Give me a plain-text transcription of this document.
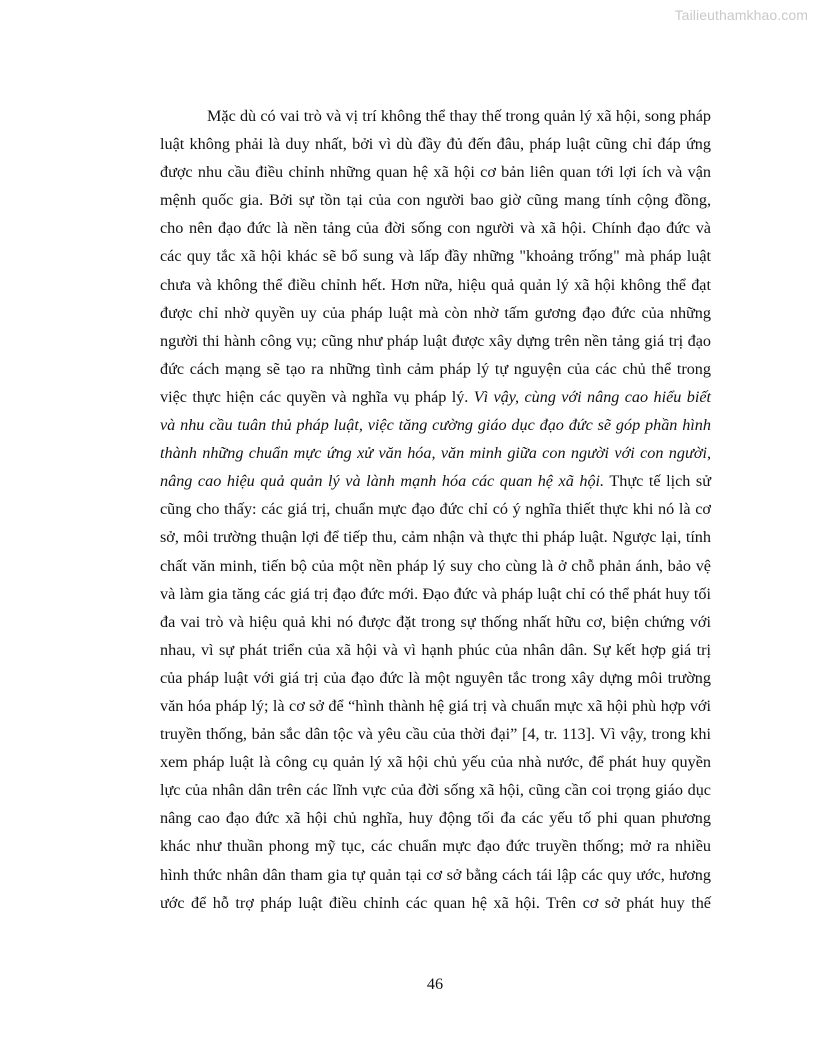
Tailieuthamkhao.com
Mặc dù có vai trò và vị trí không thể thay thế trong quản lý xã hội, song pháp
luật không phải là duy nhất, bởi vì dù đầy đủ đến đâu, pháp luật cũng chỉ đáp ứng
được nhu cầu điều chỉnh những quan hệ xã hội cơ bản liên quan tới lợi ích và vận
mệnh quốc gia. Bởi sự tồn tại của con người bao giờ cũng mang tính cộng đồng,
cho nên đạo đức là nền tảng của đời sống con người và xã hội. Chính đạo đức và
các quy tắc xã hội khác sẽ bổ sung và lấp đầy những "khoảng trống" mà pháp luật
chưa và không thể điều chỉnh hết. Hơn nữa, hiệu quả quản lý xã hội không thể đạt
được chỉ nhờ quyền uy của pháp luật mà còn nhờ tấm gương đạo đức của những
người thi hành công vụ; cũng như pháp luật được xây dựng trên nền tảng giá trị đạo
đức cách mạng sẽ tạo ra những tình cảm pháp lý tự nguyện của các chủ thể trong
việc thực hiện các quyền và nghĩa vụ pháp lý. Vì vậy, cùng với nâng cao hiểu biết
và nhu cầu tuân thủ pháp luật, việc tăng cường giáo dục đạo đức sẽ góp phần hình
thành những chuẩn mực ứng xử văn hóa, văn minh giữa con người với con người,
nâng cao hiệu quả quản lý và lành mạnh hóa các quan hệ xã hội. Thực tế lịch sử
cũng cho thấy: các giá trị, chuẩn mực đạo đức chỉ có ý nghĩa thiết thực khi nó là cơ
sở, môi trường thuận lợi để tiếp thu, cảm nhận và thực thi pháp luật. Ngược lại, tính
chất văn minh, tiến bộ của một nền pháp lý suy cho cùng là ở chỗ phản ánh, bảo vệ
và làm gia tăng các giá trị đạo đức mới. Đạo đức và pháp luật chỉ có thể phát huy tối
đa vai trò và hiệu quả khi nó được đặt trong sự thống nhất hữu cơ, biện chứng với
nhau, vì sự phát triển của xã hội và vì hạnh phúc của nhân dân. Sự kết hợp giá trị
của pháp luật với giá trị của đạo đức là một nguyên tắc trong xây dựng môi trường
văn hóa pháp lý; là cơ sở để “hình thành hệ giá trị và chuẩn mực xã hội phù hợp với
truyền thống, bản sắc dân tộc và yêu cầu của thời đại” [4, tr. 113]. Vì vậy, trong khi
xem pháp luật là công cụ quản lý xã hội chủ yếu của nhà nước, để phát huy quyền
lực của nhân dân trên các lĩnh vực của đời sống xã hội, cũng cần coi trọng giáo dục
nâng cao đạo đức xã hội chủ nghĩa, huy động tối đa các yếu tố phi quan phương
khác như thuần phong mỹ tục, các chuẩn mực đạo đức truyền thống; mở ra nhiều
hình thức nhân dân tham gia tự quản tại cơ sở bằng cách tái lập các quy ước, hương
ước để hỗ trợ pháp luật điều chỉnh các quan hệ xã hội. Trên cơ sở phát huy thế
46
